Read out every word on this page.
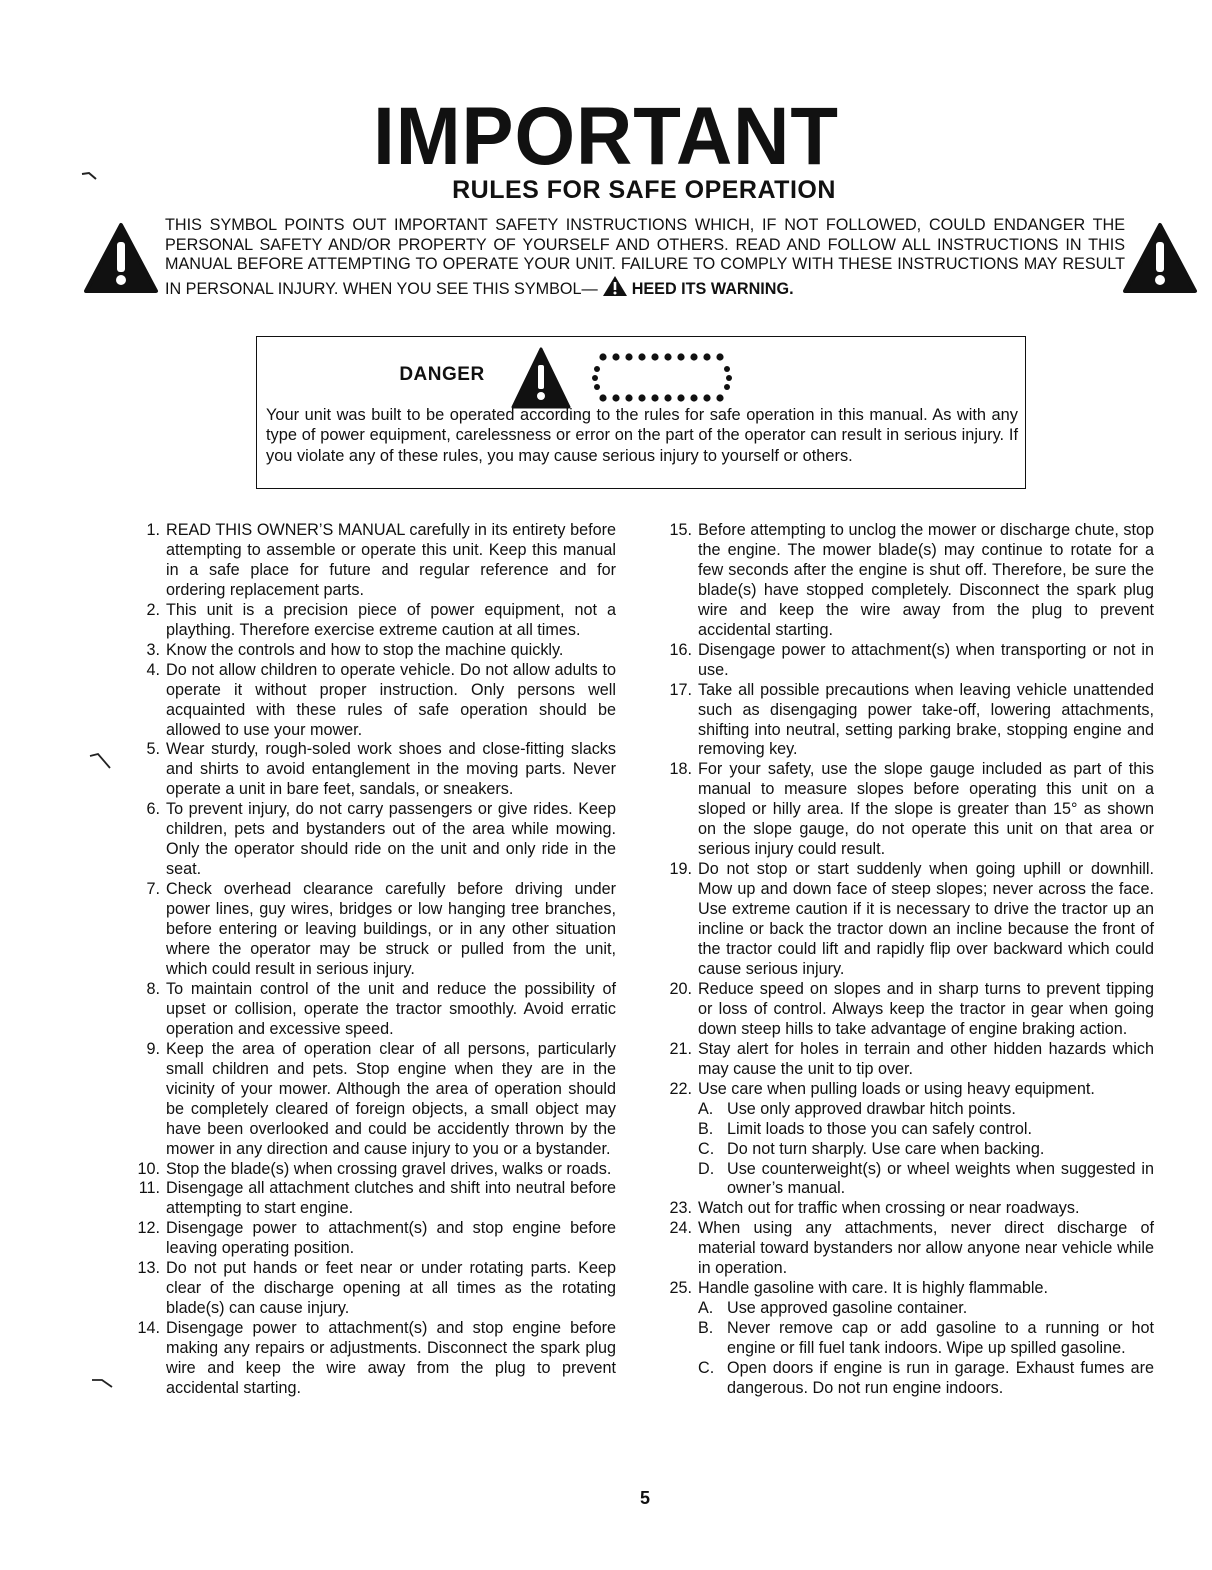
IMPORTANT
RULES FOR SAFE OPERATION
THIS SYMBOL POINTS OUT IMPORTANT SAFETY INSTRUCTIONS WHICH, IF NOT FOLLOWED, COULD ENDANGER THE PERSONAL SAFETY AND/OR PROPERTY OF YOURSELF AND OTHERS. READ AND FOLLOW ALL INSTRUCTIONS IN THIS MANUAL BEFORE ATTEMPTING TO OPERATE YOUR UNIT. FAILURE TO COMPLY WITH THESE INSTRUCTIONS MAY RESULT IN PERSONAL INJURY. WHEN YOU SEE THIS SYMBOL— HEED ITS WARNING.
DANGER
Your unit was built to be operated according to the rules for safe operation in this manual. As with any type of power equipment, carelessness or error on the part of the operator can result in serious injury. If you violate any of these rules, you may cause serious injury to yourself or others.
1. READ THIS OWNER’S MANUAL carefully in its entirety before attempting to assemble or operate this unit. Keep this manual in a safe place for future and regular reference and for ordering replacement parts.
2. This unit is a precision piece of power equipment, not a plaything. Therefore exercise extreme caution at all times.
3. Know the controls and how to stop the machine quickly.
4. Do not allow children to operate vehicle. Do not allow adults to operate it without proper instruction. Only persons well acquainted with these rules of safe operation should be allowed to use your mower.
5. Wear sturdy, rough-soled work shoes and close-fitting slacks and shirts to avoid entanglement in the moving parts. Never operate a unit in bare feet, sandals, or sneakers.
6. To prevent injury, do not carry passengers or give rides. Keep children, pets and bystanders out of the area while mowing. Only the operator should ride on the unit and only ride in the seat.
7. Check overhead clearance carefully before driving under power lines, guy wires, bridges or low hanging tree branches, before entering or leaving buildings, or in any other situation where the operator may be struck or pulled from the unit, which could result in serious injury.
8. To maintain control of the unit and reduce the possibility of upset or collision, operate the tractor smoothly. Avoid erratic operation and excessive speed.
9. Keep the area of operation clear of all persons, particularly small children and pets. Stop engine when they are in the vicinity of your mower. Although the area of operation should be completely cleared of foreign objects, a small object may have been overlooked and could be accidently thrown by the mower in any direction and cause injury to you or a bystander.
10. Stop the blade(s) when crossing gravel drives, walks or roads.
11. Disengage all attachment clutches and shift into neutral before attempting to start engine.
12. Disengage power to attachment(s) and stop engine before leaving operating position.
13. Do not put hands or feet near or under rotating parts. Keep clear of the discharge opening at all times as the rotating blade(s) can cause injury.
14. Disengage power to attachment(s) and stop engine before making any repairs or adjustments. Disconnect the spark plug wire and keep the wire away from the plug to prevent accidental starting.
15. Before attempting to unclog the mower or discharge chute, stop the engine. The mower blade(s) may continue to rotate for a few seconds after the engine is shut off. Therefore, be sure the blade(s) have stopped completely. Disconnect the spark plug wire and keep the wire away from the plug to prevent accidental starting.
16. Disengage power to attachment(s) when transporting or not in use.
17. Take all possible precautions when leaving vehicle unattended such as disengaging power take-off, lowering attachments, shifting into neutral, setting parking brake, stopping engine and removing key.
18. For your safety, use the slope gauge included as part of this manual to measure slopes before operating this unit on a sloped or hilly area. If the slope is greater than 15° as shown on the slope gauge, do not operate this unit on that area or serious injury could result.
19. Do not stop or start suddenly when going uphill or downhill. Mow up and down face of steep slopes; never across the face. Use extreme caution if it is necessary to drive the tractor up an incline or back the tractor down an incline because the front of the tractor could lift and rapidly flip over backward which could cause serious injury.
20. Reduce speed on slopes and in sharp turns to prevent tipping or loss of control. Always keep the tractor in gear when going down steep hills to take advantage of engine braking action.
21. Stay alert for holes in terrain and other hidden hazards which may cause the unit to tip over.
22. Use care when pulling loads or using heavy equipment.
A. Use only approved drawbar hitch points.
B. Limit loads to those you can safely control.
C. Do not turn sharply. Use care when backing.
D. Use counterweight(s) or wheel weights when suggested in owner’s manual.
23. Watch out for traffic when crossing or near roadways.
24. When using any attachments, never direct discharge of material toward bystanders nor allow anyone near vehicle while in operation.
25. Handle gasoline with care. It is highly flammable.
A. Use approved gasoline container.
B. Never remove cap or add gasoline to a running or hot engine or fill fuel tank indoors. Wipe up spilled gasoline.
C. Open doors if engine is run in garage. Exhaust fumes are dangerous. Do not run engine indoors.
5
